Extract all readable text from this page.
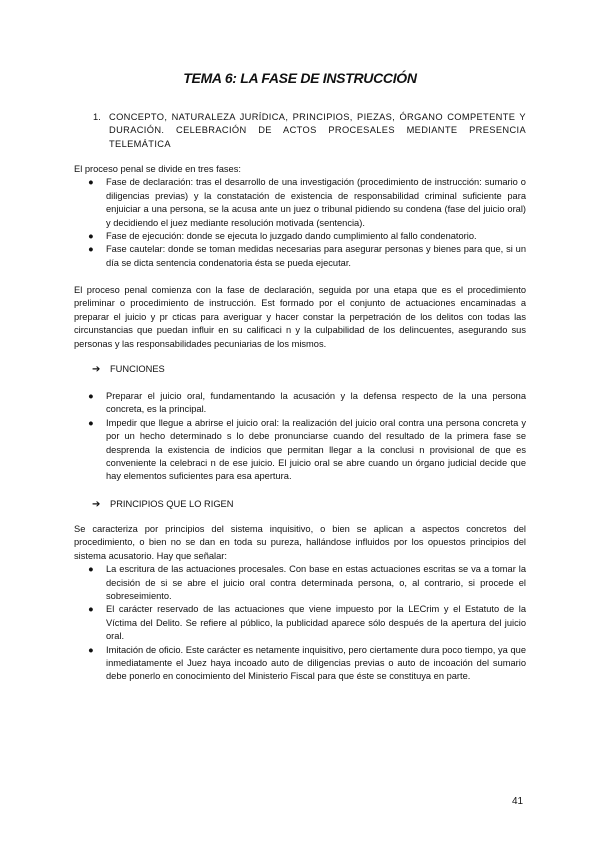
TEMA 6: LA FASE DE INSTRUCCIÓN
1. CONCEPTO, NATURALEZA JURÍDICA, PRINCIPIOS, PIEZAS, ÓRGANO COMPETENTE Y DURACIÓN. CELEBRACIÓN DE ACTOS PROCESALES MEDIANTE PRESENCIA TELEMÁTICA
El proceso penal se divide en tres fases:
●	Fase de declaración: tras el desarrollo de una investigación (procedimiento de instrucción: sumario o diligencias previas) y la constatación de existencia de responsabilidad criminal suficiente para enjuiciar a una persona, se la acusa ante un juez o tribunal pidiendo su condena (fase del juicio oral) y decidiendo el juez mediante resolución motivada (sentencia).
●	Fase de ejecución: donde se ejecuta lo juzgado dando cumplimiento al fallo condenatorio.
●	Fase cautelar: donde se toman medidas necesarias para asegurar personas y bienes para que, si un día se dicta sentencia condenatoria ésta se pueda ejecutar.
El proceso penal comienza con la fase de declaración, seguida por una etapa que es el procedimiento preliminar o procedimiento de instrucción. Est formado por el conjunto de actuaciones encaminadas a preparar el juicio y pr cticas para averiguar y hacer constar la perpetración de los delitos con todas las circunstancias que puedan influir en su calificaci n y la culpabilidad de los delincuentes, asegurando sus personas y las responsabilidades pecuniarias de los mismos.
➔	FUNCIONES
●	Preparar el juicio oral, fundamentando la acusación y la defensa respecto de la una persona concreta, es la principal.
●	Impedir que llegue a abrirse el juicio oral: la realización del juicio oral contra una persona concreta y por un hecho determinado s lo debe pronunciarse cuando del resultado de la primera fase se desprenda la existencia de indicios que permitan llegar a la conclusi n provisional de que es conveniente la celebraci n de ese juicio. El juicio oral se abre cuando un órgano judicial decide que hay elementos suficientes para esa apertura.
➔	PRINCIPIOS QUE LO RIGEN
Se caracteriza por principios del sistema inquisitivo, o bien se aplican a aspectos concretos del procedimiento, o bien no se dan en toda su pureza, hallándose influidos por los opuestos principios del sistema acusatorio. Hay que señalar:
●	La escritura de las actuaciones procesales. Con base en estas actuaciones escritas se va a tomar la decisión de si se abre el juicio oral contra determinada persona, o, al contrario, si procede el sobreseimiento.
●	El carácter reservado de las actuaciones que viene impuesto por la LECrim y el Estatuto de la Víctima del Delito. Se refiere al público, la publicidad aparece sólo después de la apertura del juicio oral.
●	Imitación de oficio. Este carácter es netamente inquisitivo, pero ciertamente dura poco tiempo, ya que inmediatamente el Juez haya incoado auto de diligencias previas o auto de incoación del sumario debe ponerlo en conocimiento del Ministerio Fiscal para que éste se constituya en parte.
41
